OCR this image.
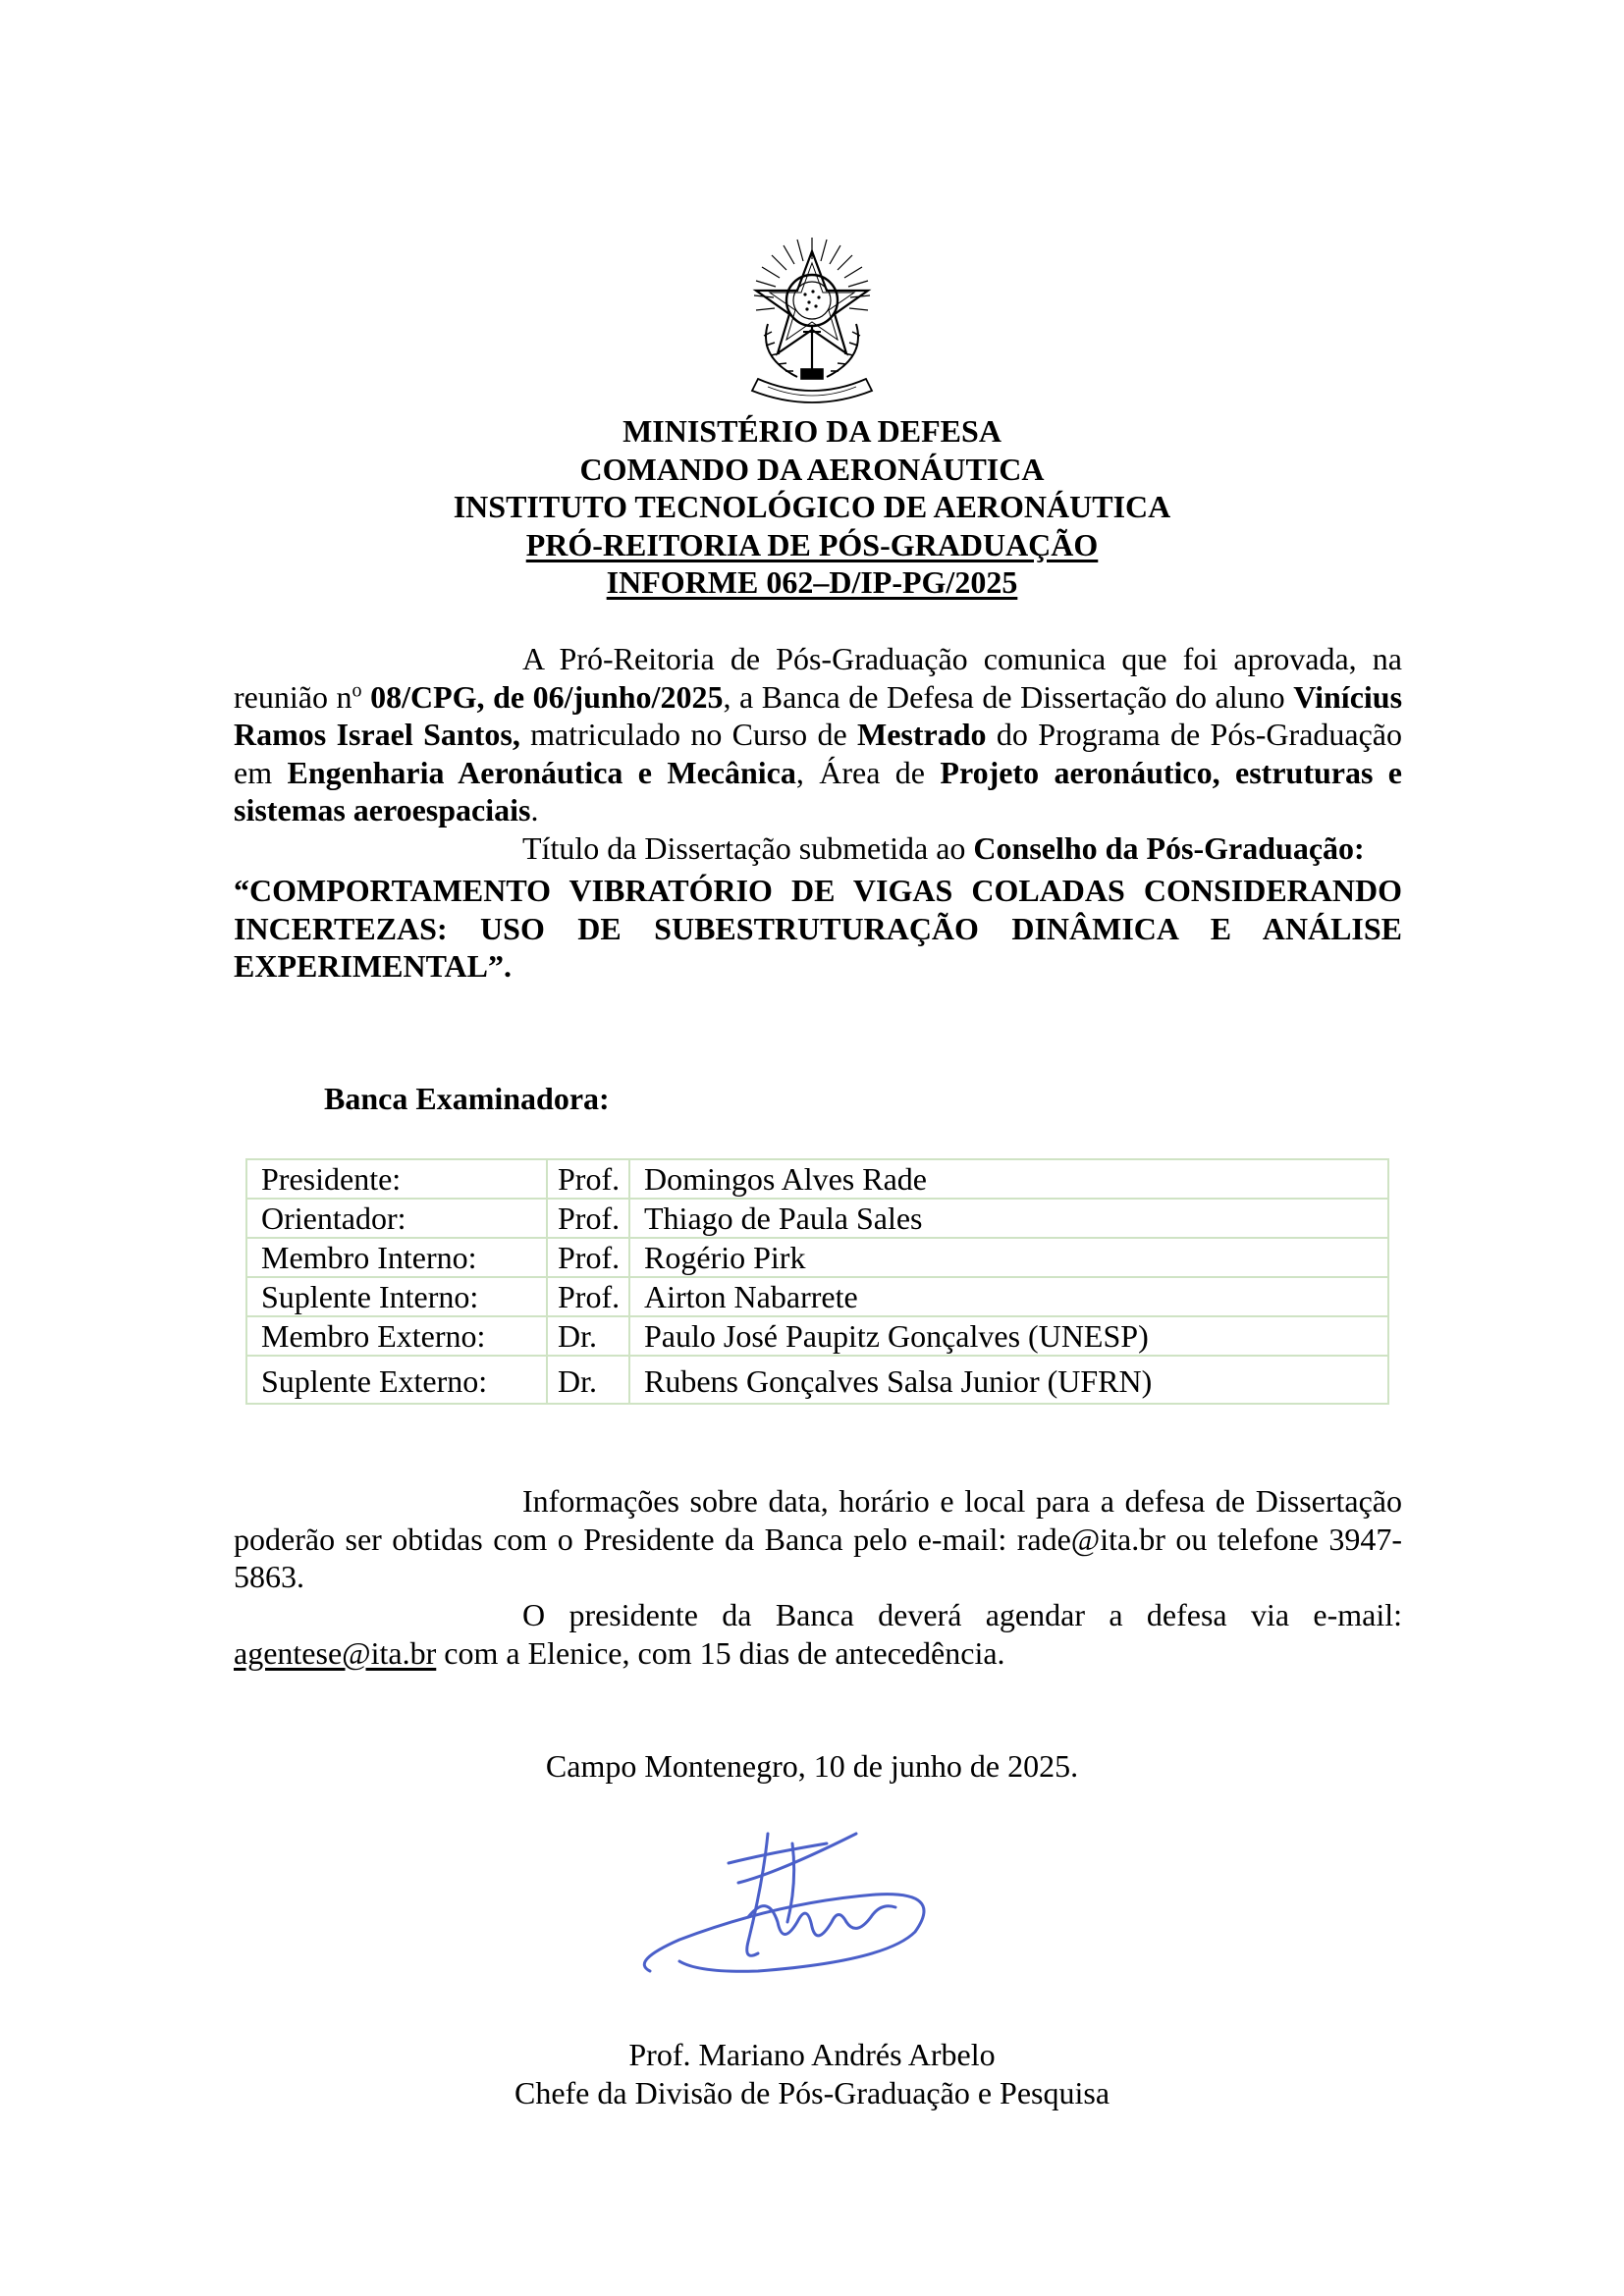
MINISTÉRIO DA DEFESA
COMANDO DA AERONÁUTICA
INSTITUTO TECNOLÓGICO DE AERONÁUTICA
PRÓ-REITORIA DE PÓS-GRADUAÇÃO
INFORME 062–D/IP-PG/2025
A Pró-Reitoria de Pós-Graduação comunica que foi aprovada, na reunião $n^o$ 08/CPG, de 06/junho/2025, a Banca de Defesa de Dissertação do aluno Vinícius Ramos Israel Santos, matriculado no Curso de Mestrado do Programa de Pós-Graduação em Engenharia Aeronáutica e Mecânica, Área de Projeto aeronáutico, estruturas e sistemas aeroespaciais.
Título da Dissertação submetida ao Conselho da Pós-Graduação:
“COMPORTAMENTO VIBRATÓRIO DE VIGAS COLADAS CONSIDERANDO INCERTEZAS: USO DE SUBESTRUTURAÇÃO DINÂMICA E ANÁLISE EXPERIMENTAL”.
Banca Examinadora:
Presidente:	Prof.	Domingos Alves Rade
Orientador:	Prof.	Thiago de Paula Sales
Membro Interno:	Prof.	Rogério Pirk
Suplente Interno:	Prof.	Airton Nabarrete
Membro Externo:	Dr.	Paulo José Paupitz Gonçalves (UNESP)
Suplente Externo:	Dr.	Rubens Gonçalves Salsa Junior (UFRN)
Informações sobre data, horário e local para a defesa de Dissertação poderão ser obtidas com o Presidente da Banca pelo e-mail: rade@ita.br ou telefone 3947-5863.
O presidente da Banca deverá agendar a defesa via e-mail: agentese@ita.br com a Elenice, com 15 dias de antecedência.
Campo Montenegro, 10 de junho de 2025.
Prof. Mariano Andrés Arbelo
Chefe da Divisão de Pós-Graduação e Pesquisa
